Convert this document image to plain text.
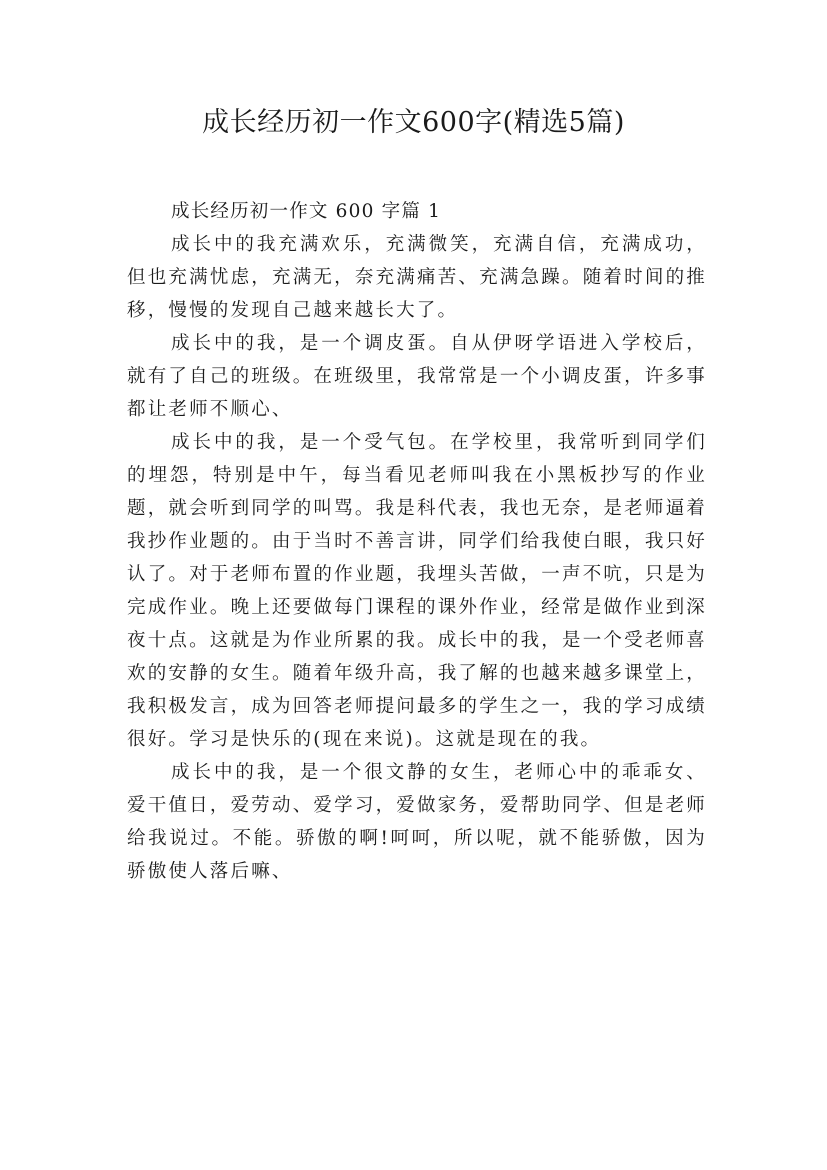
成长经历初一作文600字(精选5篇)
成长经历初一作文 600 字篇 1

成长中的我充满欢乐，充满微笑，充满自信，充满成功，但也充满忧虑，充满无，奈充满痛苦、充满急躁。随着时间的推移，慢慢的发现自己越来越长大了。

成长中的我，是一个调皮蛋。自从伊呀学语进入学校后，就有了自己的班级。在班级里，我常常是一个小调皮蛋，许多事都让老师不顺心、

成长中的我，是一个受气包。在学校里，我常听到同学们的埋怨，特别是中午，每当看见老师叫我在小黑板抄写的作业题，就会听到同学的叫骂。我是科代表，我也无奈，是老师逼着我抄作业题的。由于当时不善言讲，同学们给我使白眼，我只好认了。对于老师布置的作业题，我埋头苦做，一声不吭，只是为完成作业。晚上还要做每门课程的课外作业，经常是做作业到深夜十点。这就是为作业所累的我。成长中的我，是一个受老师喜欢的安静的女生。随着年级升高，我了解的也越来越多课堂上，我积极发言，成为回答老师提问最多的学生之一，我的学习成绩很好。学习是快乐的(现在来说)。这就是现在的我。

成长中的我，是一个很文静的女生，老师心中的乖乖女、爱干值日，爱劳动、爱学习，爱做家务，爱帮助同学、但是老师给我说过。不能。骄傲的啊!呵呵，所以呢，就不能骄傲，因为骄傲使人落后嘛、
